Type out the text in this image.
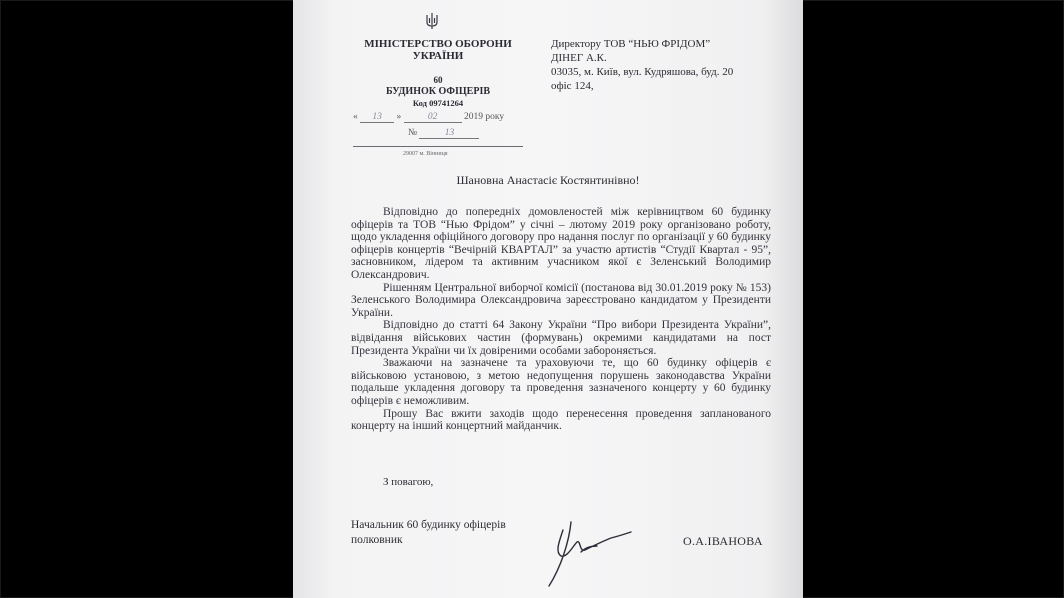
МІНІСТЕРСТВО ОБОРОНИ
УКРАЇНИ
60
БУДИНОК ОФІЦЕРІВ
Код 09741264
« 13 »	02	2019 року
№	13
29007 м. Вінниця
Директору ТОВ “НЬЮ ФРІДОМ”
ДІНЕГ А.К.
03035, м. Київ, вул. Кудряшова, буд. 20
офіс 124,
Шановна Анастасіє Костянтинівно!

Відповідно до попередніх домовленостей між керівництвом 60 будинку офіцерів та ТОВ “Нью Фрідом” у січні – лютому 2019 року організовано роботу, щодо укладення офіційного договору про надання послуг по організації у 60 будинку офіцерів концертів “Вечірній КВАРТАЛ” за участю артистів “Студії Квартал - 95”, засновником, лідером та активним учасником якої є Зеленський Володимир Олександрович.

Рішенням Центральної виборчої комісії (постанова від 30.01.2019 року № 153) Зеленського Володимира Олександровича зареєстровано кандидатом у Президенти України.

Відповідно до статті 64 Закону України “Про вибори Президента України”, відвідання військових частин (формувань) окремими кандидатами на пост Президента України чи їх довіреними особами забороняється.

Зважаючи на зазначене та ураховуючи те, що 60 будинку офіцерів є військовою установою, з метою недопущення порушень законодавства України подальше укладення договору та проведення зазначеного концерту у 60 будинку офіцерів є неможливим.

Прошу Вас вжити заходів щодо перенесення проведення запланованого концерту на інший концертний майданчик.

З повагою,
Начальник 60 будинку офіцерів
полковник	О.А.ІВАНОВА
